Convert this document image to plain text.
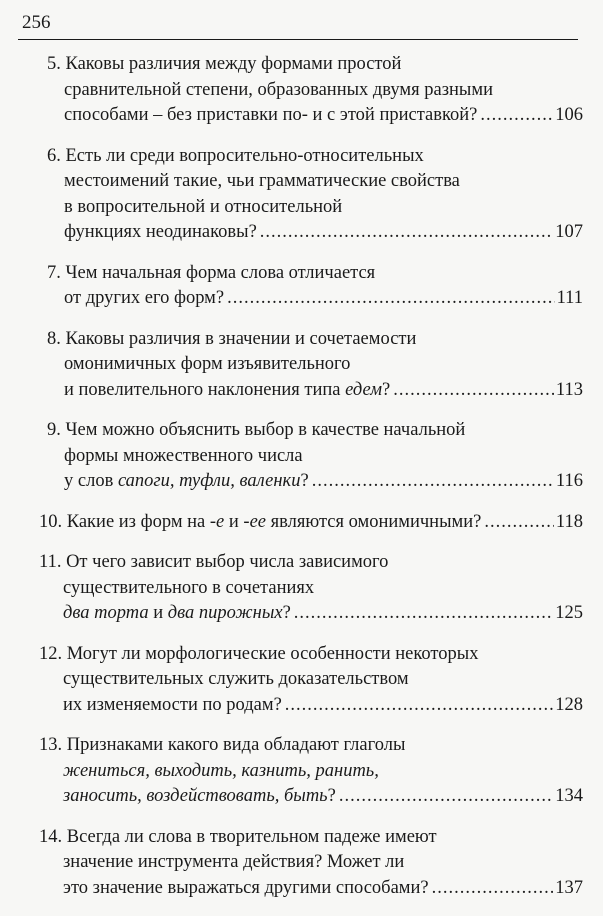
256
5. Каковы различия между формами простой
сравнительной степени, образованных двумя разными
способами – без приставки по- и с этой приставкой? .....	106
6. Есть ли среди вопросительно-относительных
местоимений такие, чьи грамматические свойства
в вопросительной и относительной
функциях неодинаковы? .....	107
7. Чем начальная форма слова отличается
от других его форм? .....	111
8. Каковы различия в значении и сочетаемости
омонимичных форм изъявительного
и повелительного наклонения типа едем? .....	113
9. Чем можно объяснить выбор в качестве начальной
формы множественного числа
у слов сапоги, туфли, валенки? .....	116
10. Какие из форм на -е и -ее являются омонимичными? .....	118
11. От чего зависит выбор числа зависимого
существительного в сочетаниях
два торта и два пирожных? .....	125
12. Могут ли морфологические особенности некоторых
существительных служить доказательством
их изменяемости по родам? .....	128
13. Признаками какого вида обладают глаголы
жениться, выходить, казнить, ранить,
заносить, воздействовать, быть? .....	134
14. Всегда ли слова в творительном падеже имеют
значение инструмента действия? Может ли
это значение выражаться другими способами? .....	137
